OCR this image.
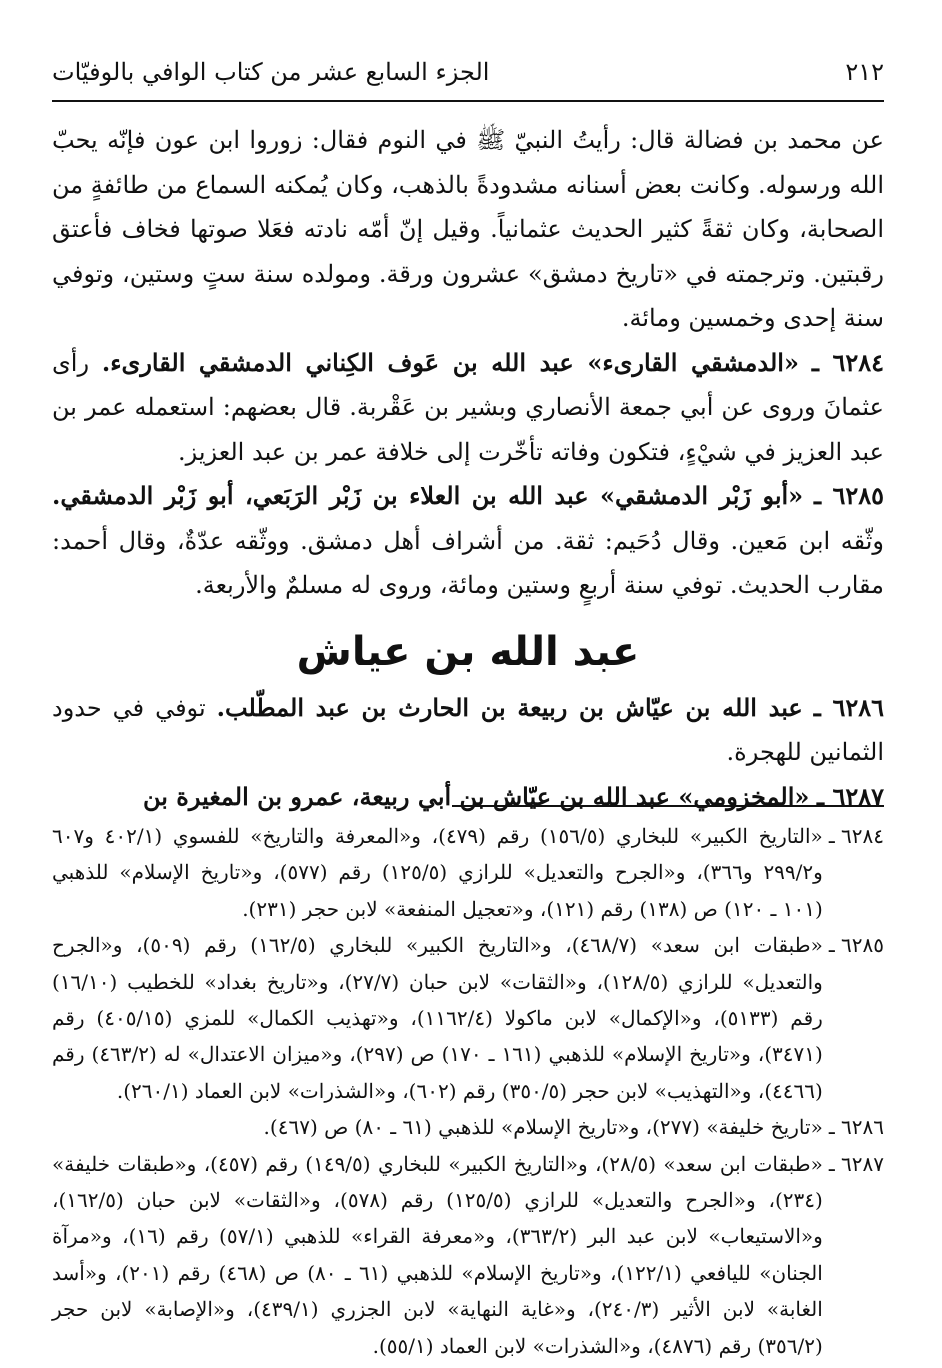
٢١٢
الجزء السابع عشر من كتاب الوافي بالوفيّات

عن محمد بن فضالة قال: رأيتُ النبيّ ﷺ في النوم فقال: زوروا ابن عون فإنّه يحبّ الله ورسوله. وكانت بعض أسنانه مشدودةً بالذهب، وكان يُمكنه السماع من طائفةٍ من الصحابة، وكان ثقةً كثير الحديث عثمانياً. وقيل إنّ أمّه نادته فعَلا صوتها فخاف فأعتق رقبتين. وترجمته في «تاريخ دمشق» عشرون ورقة. ومولده سنة ستٍ وستين، وتوفي سنة إحدى وخمسين ومائة.

٦٢٨٤ ـ «الدمشقي القارىء» عبد الله بن عَوف الكِناني الدمشقي القارىء. رأى عثمانَ وروى عن أبي جمعة الأنصاري وبشير بن عَقْربة. قال بعضهم: استعمله عمر بن عبد العزيز في شيْءٍ، فتكون وفاته تأخّرت إلى خلافة عمر بن عبد العزيز.

٦٢٨٥ ـ «أبو زَبْر الدمشقي» عبد الله بن العلاء بن زَبْر الرَبَعي، أبو زَبْر الدمشقي. وثّقه ابن مَعين. وقال دُحَيم: ثقة. من أشراف أهل دمشق. ووثّقه عدّةٌ، وقال أحمد: مقارب الحديث. توفي سنة أربعٍ وستين ومائة، وروى له مسلمٌ والأربعة.

عبد الله بن عياش

٦٢٨٦ ـ عبد الله بن عيّاش بن ربيعة بن الحارث بن عبد المطّلب. توفي في حدود الثمانين للهجرة.

٦٢٨٧ ـ «المخزومي» عبد الله بن عيّاش بن أبي ربيعة، عمرو بن المغيرة بن

٦٢٨٤ ـ
«التاريخ الكبير» للبخاري (١٥٦/٥) رقم (٤٧٩)، و«المعرفة والتاريخ» للفسوي (٤٠٢/١ و٦٠٧ و٢٩٩/٢ و٣٦٦)، و«الجرح والتعديل» للرازي (١٢٥/٥) رقم (٥٧٧)، و«تاريخ الإسلام» للذهبي (١٠١ ـ ١٢٠) ص (١٣٨) رقم (١٢١)، و«تعجيل المنفعة» لابن حجر (٢٣١).
٦٢٨٥ ـ
«طبقات ابن سعد» (٤٦٨/٧)، و«التاريخ الكبير» للبخاري (١٦٢/٥) رقم (٥٠٩)، و«الجرح والتعديل» للرازي (١٢٨/٥)، و«الثقات» لابن حبان (٢٧/٧)، و«تاريخ بغداد» للخطيب (١٦/١٠) رقم (٥١٣٣)، و«الإكمال» لابن ماكولا (١١٦٢/٤)، و«تهذيب الكمال» للمزي (٤٠٥/١٥) رقم (٣٤٧١)، و«تاريخ الإسلام» للذهبي (١٦١ ـ ١٧٠) ص (٢٩٧)، و«ميزان الاعتدال» له (٤٦٣/٢) رقم (٤٤٦٦)، و«التهذيب» لابن حجر (٣٥٠/٥) رقم (٦٠٢)، و«الشذرات» لابن العماد (٢٦٠/١).
٦٢٨٦ ـ
«تاريخ خليفة» (٢٧٧)، و«تاريخ الإسلام» للذهبي (٦١ ـ ٨٠) ص (٤٦٧).
٦٢٨٧ ـ
«طبقات ابن سعد» (٢٨/٥)، و«التاريخ الكبير» للبخاري (١٤٩/٥) رقم (٤٥٧)، و«طبقات خليفة» (٢٣٤)، و«الجرح والتعديل» للرازي (١٢٥/٥) رقم (٥٧٨)، و«الثقات» لابن حبان (١٦٢/٥)، و«الاستيعاب» لابن عبد البر (٣٦٣/٢)، و«معرفة القراء» للذهبي (٥٧/١) رقم (١٦)، و«مرآة الجنان» لليافعي (١٢٢/١)، و«تاريخ الإسلام» للذهبي (٦١ ـ ٨٠) ص (٤٦٨) رقم (٢٠١)، و«أسد الغابة» لابن الأثير (٢٤٠/٣)، و«غاية النهاية» لابن الجزري (٤٣٩/١)، و«الإصابة» لابن حجر (٣٥٦/٢) رقم (٤٨٧٦)، و«الشذرات» لابن العماد (٥٥/١).
